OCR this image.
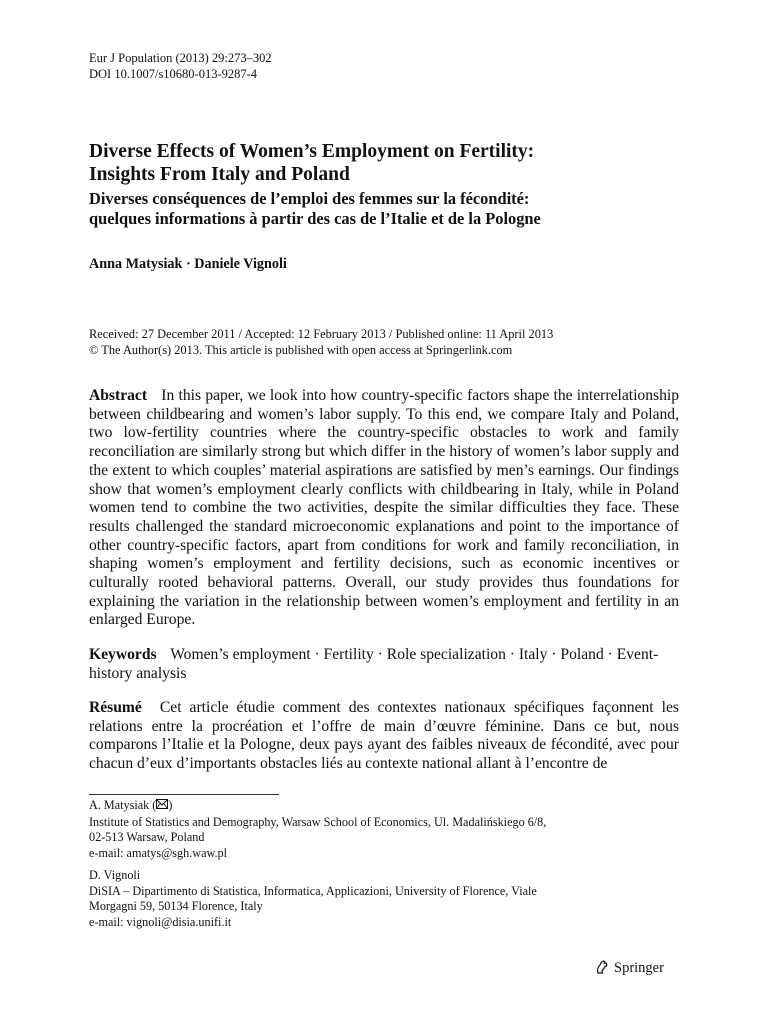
Eur J Population (2013) 29:273–302
DOI 10.1007/s10680-013-9287-4
Diverse Effects of Women’s Employment on Fertility:
Insights From Italy and Poland
Diverses conséquences de l’emploi des femmes sur la fécondité:
quelques informations à partir des cas de l’Italie et de la Pologne
Anna Matysiak · Daniele Vignoli
Received: 27 December 2011 / Accepted: 12 February 2013 / Published online: 11 April 2013
© The Author(s) 2013. This article is published with open access at Springerlink.com
Abstract In this paper, we look into how country-specific factors shape the interrelationship between childbearing and women’s labor supply. To this end, we compare Italy and Poland, two low-fertility countries where the country-specific obstacles to work and family reconciliation are similarly strong but which differ in the history of women’s labor supply and the extent to which couples’ material aspirations are satisfied by men’s earnings. Our findings show that women’s employment clearly conflicts with childbearing in Italy, while in Poland women tend to combine the two activities, despite the similar difficulties they face. These results challenged the standard microeconomic explanations and point to the importance of other country-specific factors, apart from conditions for work and family reconciliation, in shaping women’s employment and fertility decisions, such as economic incentives or culturally rooted behavioral patterns. Overall, our study provides thus foundations for explaining the variation in the relationship between women’s employment and fertility in an enlarged Europe.
Keywords Women’s employment · Fertility · Role specialization · Italy · Poland · Event-history analysis
Résumé Cet article étudie comment des contextes nationaux spécifiques façonnent les relations entre la procréation et l’offre de main d’œuvre féminine. Dans ce but, nous comparons l’Italie et la Pologne, deux pays ayant des faibles niveaux de fécondité, avec pour chacun d’eux d’importants obstacles liés au contexte national allant à l’encontre de
A. Matysiak ( )
Institute of Statistics and Demography, Warsaw School of Economics, Ul. Madalińskiego 6/8,
02-513 Warsaw, Poland
e-mail: amatys@sgh.waw.pl
D. Vignoli
DiSIA – Dipartimento di Statistica, Informatica, Applicazioni, University of Florence, Viale
Morgagni 59, 50134 Florence, Italy
e-mail: vignoli@disia.unifi.it
Springer
